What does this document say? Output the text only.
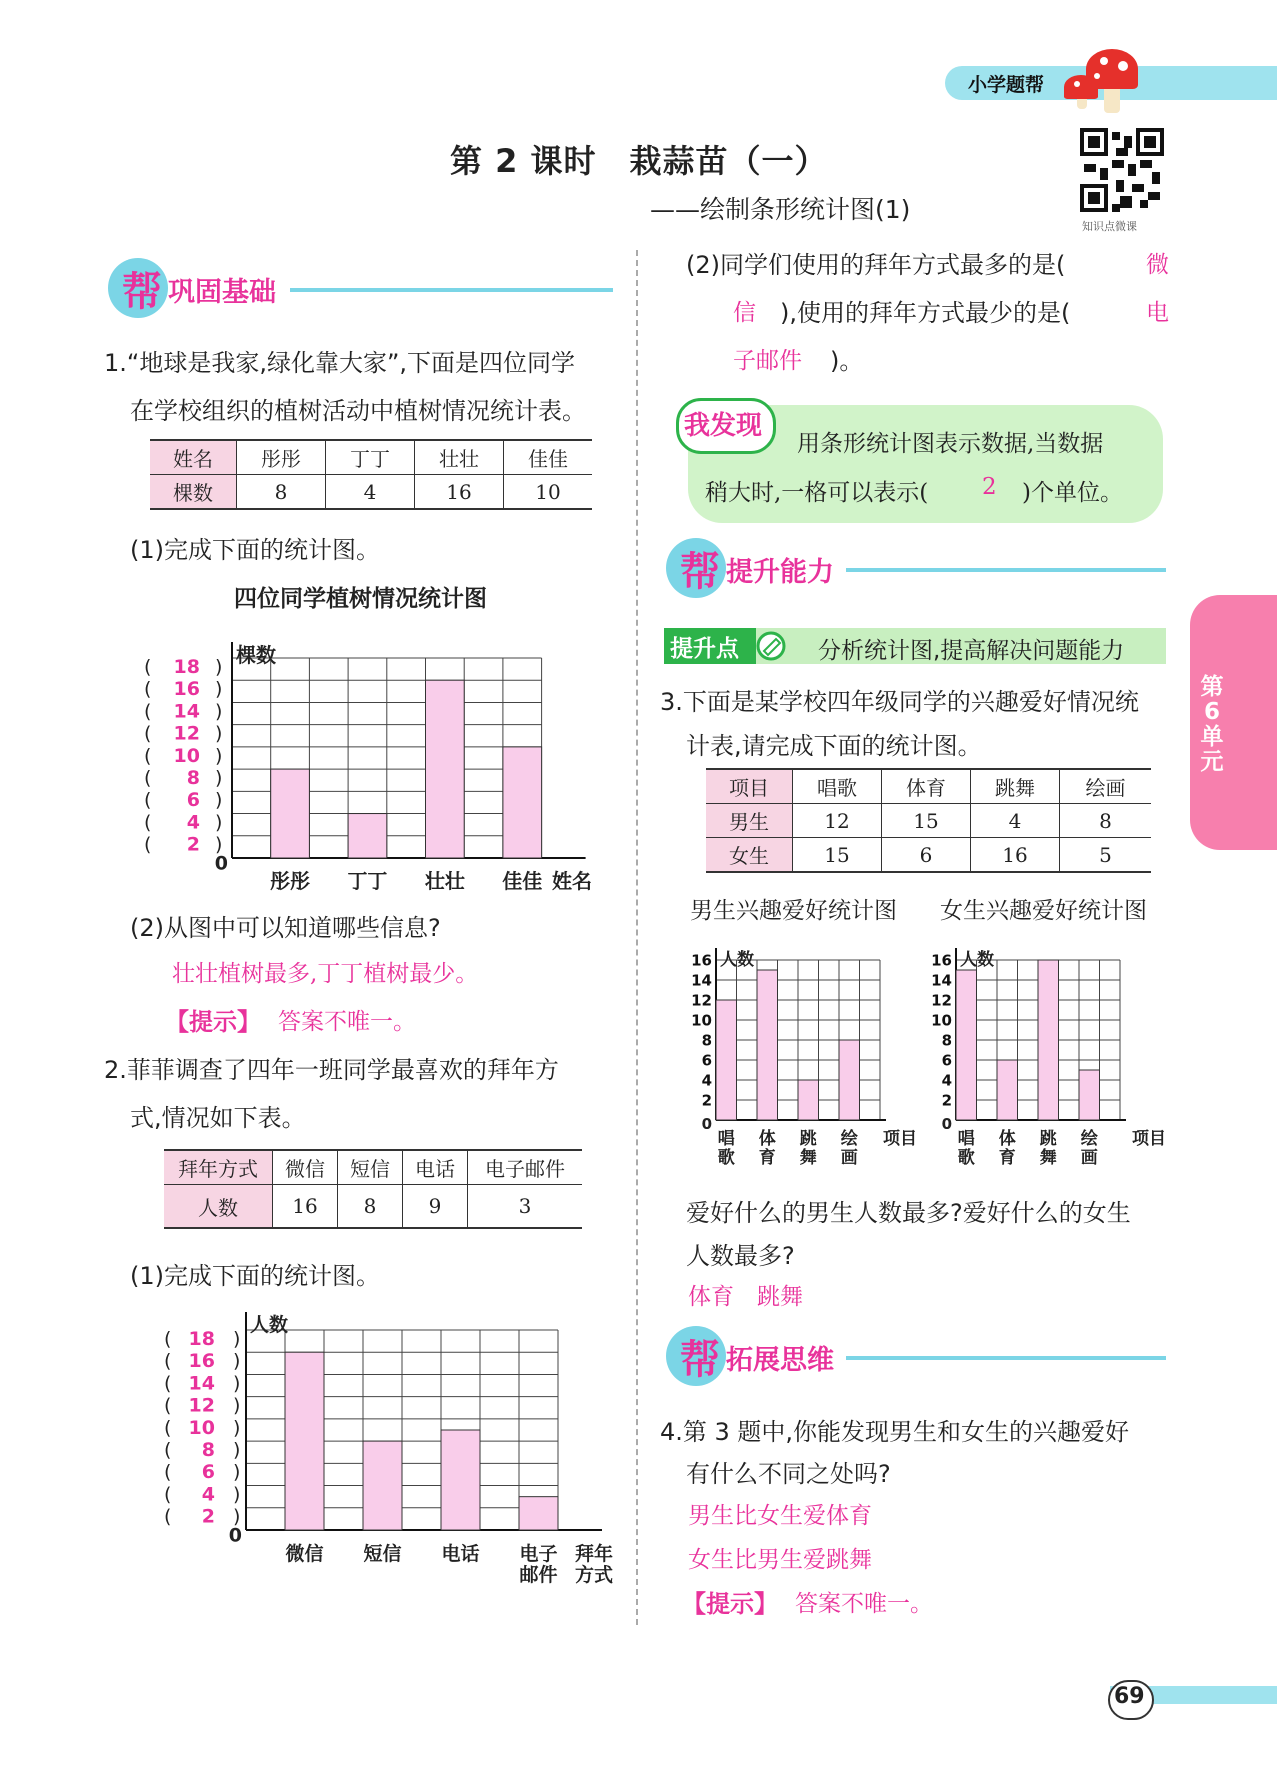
小学题帮
第 2 课时　栽蒜苗（一）
——绘制条形统计图(1)
知识点微课
帮 巩固基础
1.“地球是我家,绿化靠大家”,下面是四位同学
在学校组织的植树活动中植树情况统计表。
姓名	彤彤	丁丁	壮壮	佳佳
棵数	8	4	16	10
(1)完成下面的统计图。
四位同学植树情况统计图
(	)
18
(	)
16
(	)
14
(	)
12
(	)
10
(	)
8
(	)
6
(	)
4
(	)
2
0
棵数
彤彤 丁丁 壮壮 佳佳 姓名
(2)从图中可以知道哪些信息?
壮壮植树最多,丁丁植树最少。
【提示】 答案不唯一。
2.菲菲调查了四年一班同学最喜欢的拜年方
式,情况如下表。
拜年方式	微信	短信	电话	电子邮件
人数	16	8	9	3
(1)完成下面的统计图。
(	)
18
(	)
16
(	)
14
(	)
12
(	)
10
(	)
8
(	)
6
(	)
4
(	)
2
0
人数
微信 短信 电话 电子
邮件
拜年
方式
(2)同学们使用的拜年方式最多的是(	微
信 ),使用的拜年方式最少的是(	电
子邮件 )。
我发现
用条形统计图表示数据,当数据
稍大时,一格可以表示( 2 )个单位。
帮 提升能力
提升点	分析统计图,提高解决问题能力
3.下面是某学校四年级同学的兴趣爱好情况统
计表,请完成下面的统计图。
项目	唱歌	体育	跳舞	绘画
男生	12	15	4	8
女生	15	6	16	5
男生兴趣爱好统计图 女生兴趣爱好统计图
16
14
12
10
8
6
4
2
0
人数
唱
歌
体
育
跳
舞
绘
画
项目
16
14
12
10
8
6
4
2
0
人数
唱
歌
体
育
跳
舞
绘
画
项目
爱好什么的男生人数最多?爱好什么的女生
人数最多?
体育　跳舞
帮 拓展思维
4.第 3 题中,你能发现男生和女生的兴趣爱好
有什么不同之处吗?
男生比女生爱体育
女生比男生爱跳舞
【提示】 答案不唯一。
第6单元
69
